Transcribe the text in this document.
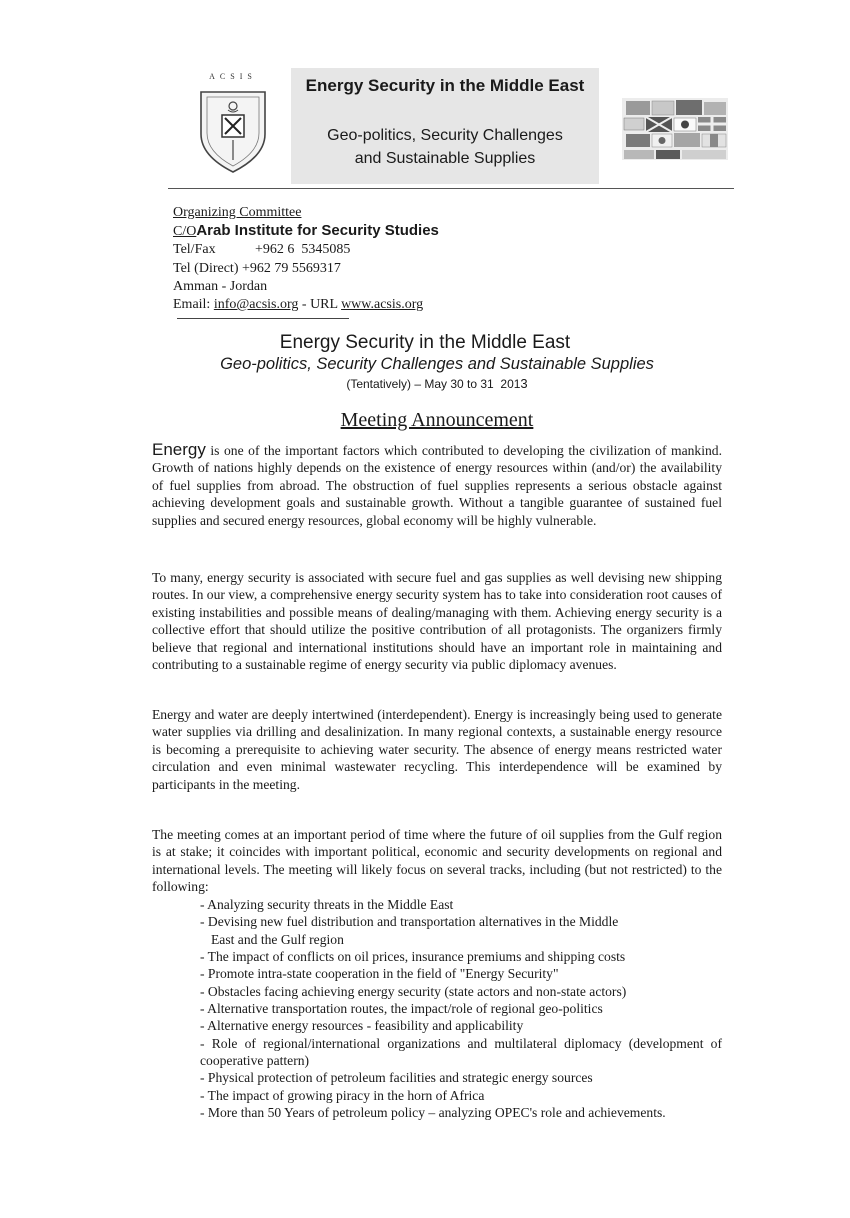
ACSIS	Energy Security in the Middle East
Geo-politics, Security Challenges
and Sustainable Supplies
Organizing Committee
C/OArab Institute for Security Studies
Tel/Fax	+962 6  5345085
Tel (Direct) +962 79 5569317
Amman - Jordan
Email: info@acsis.org - URL www.acsis.org
Energy Security in the Middle East
Geo-politics, Security Challenges and Sustainable Supplies
(Tentatively) – May 30 to 31  2013
Meeting Announcement
Energy is one of the important factors which contributed to developing the civilization of mankind. Growth of nations highly depends on the existence of energy resources within (and/or) the availability of fuel supplies from abroad. The obstruction of fuel supplies represents a serious obstacle against achieving development goals and sustainable growth. Without a tangible guarantee of sustained fuel supplies and secured energy resources, global economy will be highly vulnerable.
To many, energy security is associated with secure fuel and gas supplies as well devising new shipping routes. In our view, a comprehensive energy security system has to take into consideration root causes of existing instabilities and possible means of dealing/managing with them. Achieving energy security is a collective effort that should utilize the positive contribution of all protagonists. The organizers firmly believe that regional and international institutions should have an important role in maintaining and contributing to a sustainable regime of energy security via public diplomacy avenues.
Energy and water are deeply intertwined (interdependent). Energy is increasingly being used to generate water supplies via drilling and desalinization. In many regional contexts, a sustainable energy resource is becoming a prerequisite to achieving water security. The absence of energy means restricted water circulation and even minimal wastewater recycling. This interdependence will be examined by participants in the meeting.
The meeting comes at an important period of time where the future of oil supplies from the Gulf region is at stake; it coincides with important political, economic and security developments on regional and international levels. The meeting will likely focus on several tracks, including (but not restricted) to the following:
- Analyzing security threats in the Middle East
- Devising new fuel distribution and transportation alternatives in the Middle
East and the Gulf region
- The impact of conflicts on oil prices, insurance premiums and shipping costs
- Promote intra-state cooperation in the field of "Energy Security"
- Obstacles facing achieving energy security (state actors and non-state actors)
- Alternative transportation routes, the impact/role of regional geo-politics
- Alternative energy resources - feasibility and applicability
- Role of regional/international organizations and multilateral diplomacy (development of cooperative pattern)
- Physical protection of petroleum facilities and strategic energy sources
- The impact of growing piracy in the horn of Africa
- More than 50 Years of petroleum policy – analyzing OPEC's role and achievements.
